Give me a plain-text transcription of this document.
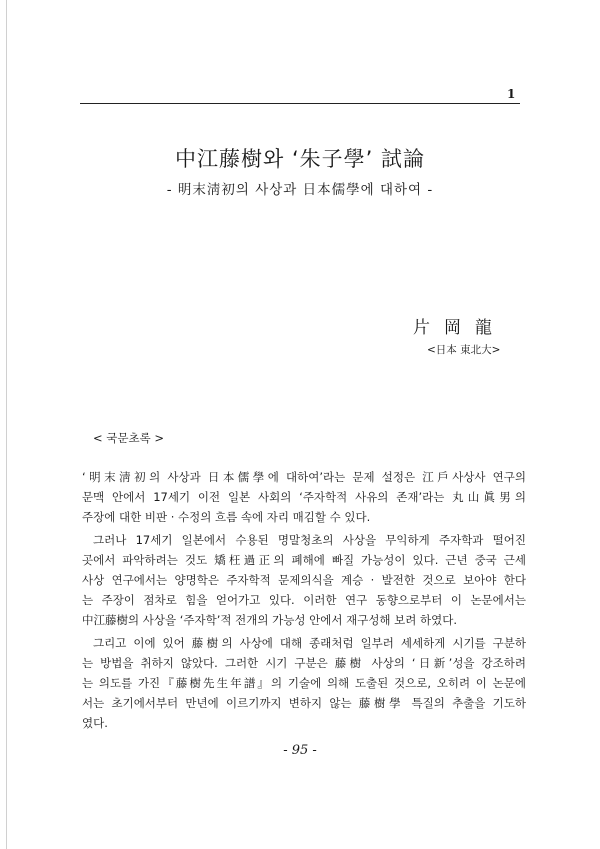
1
中江藤樹와 ‘朱子學’ 試論
- 明末淸初의 사상과 日本儒學에 대하여 -
片岡龍
<日本 東北大>
< 국문초록 >
‘明末淸初의 사상과 日本儒學에 대하여’라는 문제 설정은 江戶사상사 연구의
문맥 안에서 17세기 이전 일본 사회의 ‘주자학적 사유의 존재’라는 丸山眞男의
주장에 대한 비판 · 수정의 흐름 속에 자리 매김할 수 있다.
그러나 17세기 일본에서 수용된 명말청초의 사상을 무익하게 주자학과 떨어진
곳에서 파악하려는 것도 矯枉過正의 폐해에 빠질 가능성이 있다. 근년 중국 근세
사상 연구에서는 양명학은 주자학적 문제의식을 계승 · 발전한 것으로 보아야 한다
는 주장이 점차로 힘을 얻어가고 있다. 이러한 연구 동향으로부터 이 논문에서는
中江藤樹의 사상을 ‘주자학’적 전개의 가능성 안에서 재구성해 보려 하였다.
그리고 이에 있어 藤樹의 사상에 대해 종래처럼 일부러 세세하게 시기를 구분하
는 방법을 취하지 않았다. 그러한 시기 구분은 藤樹 사상의 ‘日新’성을 강조하려
는 의도를 가진『藤樹先生年譜』의 기술에 의해 도출된 것으로, 오히려 이 논문에
서는 초기에서부터 만년에 이르기까지 변하지 않는 藤樹學 특질의 추출을 기도하
였다.
- 95 -
